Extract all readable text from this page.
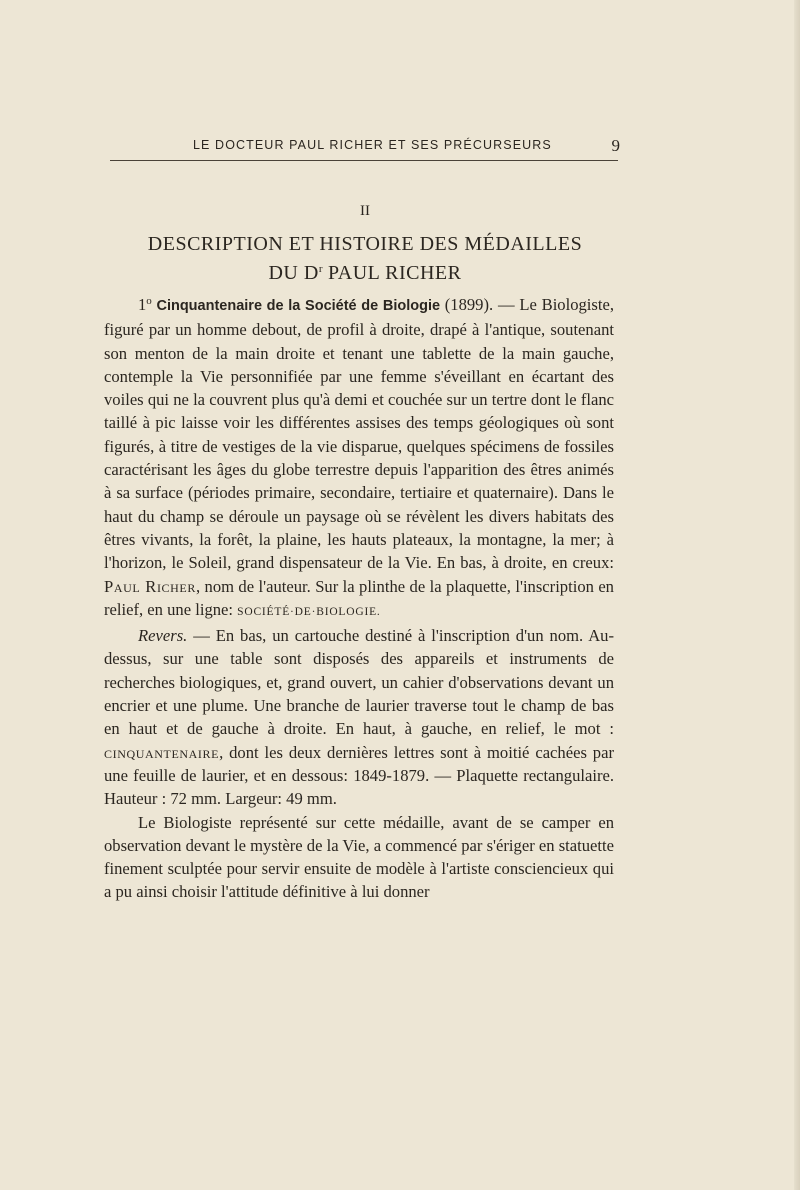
LE DOCTEUR PAUL RICHER ET SES PRÉCURSEURS	9
II
DESCRIPTION ET HISTOIRE DES MÉDAILLES
DU $D^r$ PAUL RICHER

1$^o$ Cinquantenaire de la Société de Biologie (1899). — Le Biologiste, figuré par un homme debout, de profil à droite, drapé à l'antique, soutenant son menton de la main droite et tenant une tablette de la main gauche, contemple la Vie personnifiée par une femme s'éveillant en écartant des voiles qui ne la couvrent plus qu'à demi et couchée sur un tertre dont le flanc taillé à pic laisse voir les différentes assises des temps géologiques où sont figurés, à titre de vestiges de la vie disparue, quelques spécimens de fossiles caractérisant les âges du globe terrestre depuis l'apparition des êtres animés à sa surface (périodes primaire, secondaire, tertiaire et quaternaire). Dans le haut du champ se déroule un paysage où se révèlent les divers habitats des êtres vivants, la forêt, la plaine, les hauts plateaux, la montagne, la mer; à l'horizon, le Soleil, grand dispensateur de la Vie. En bas, à droite, en creux: Paul Richer, nom de l'auteur. Sur la plinthe de la plaquette, l'inscription en relief, en une ligne: SOCIÉTÉ·DE·BIOLOGIE.

Revers. — En bas, un cartouche destiné à l'inscription d'un nom. Au-dessus, sur une table sont disposés des appareils et instruments de recherches biologiques, et, grand ouvert, un cahier d'observations devant un encrier et une plume. Une branche de laurier traverse tout le champ de bas en haut et de gauche à droite. En haut, à gauche, en relief, le mot : cinquantenaire, dont les deux dernières lettres sont à moitié cachées par une feuille de laurier, et en dessous: 1849-1879. — Plaquette rectangulaire. Hauteur : 72 mm. Largeur: 49 mm.

Le Biologiste représenté sur cette médaille, avant de se camper en observation devant le mystère de la Vie, a commencé par s'ériger en statuette finement sculptée pour servir ensuite de modèle à l'artiste consciencieux qui a pu ainsi choisir l'attitude définitive à lui donner
